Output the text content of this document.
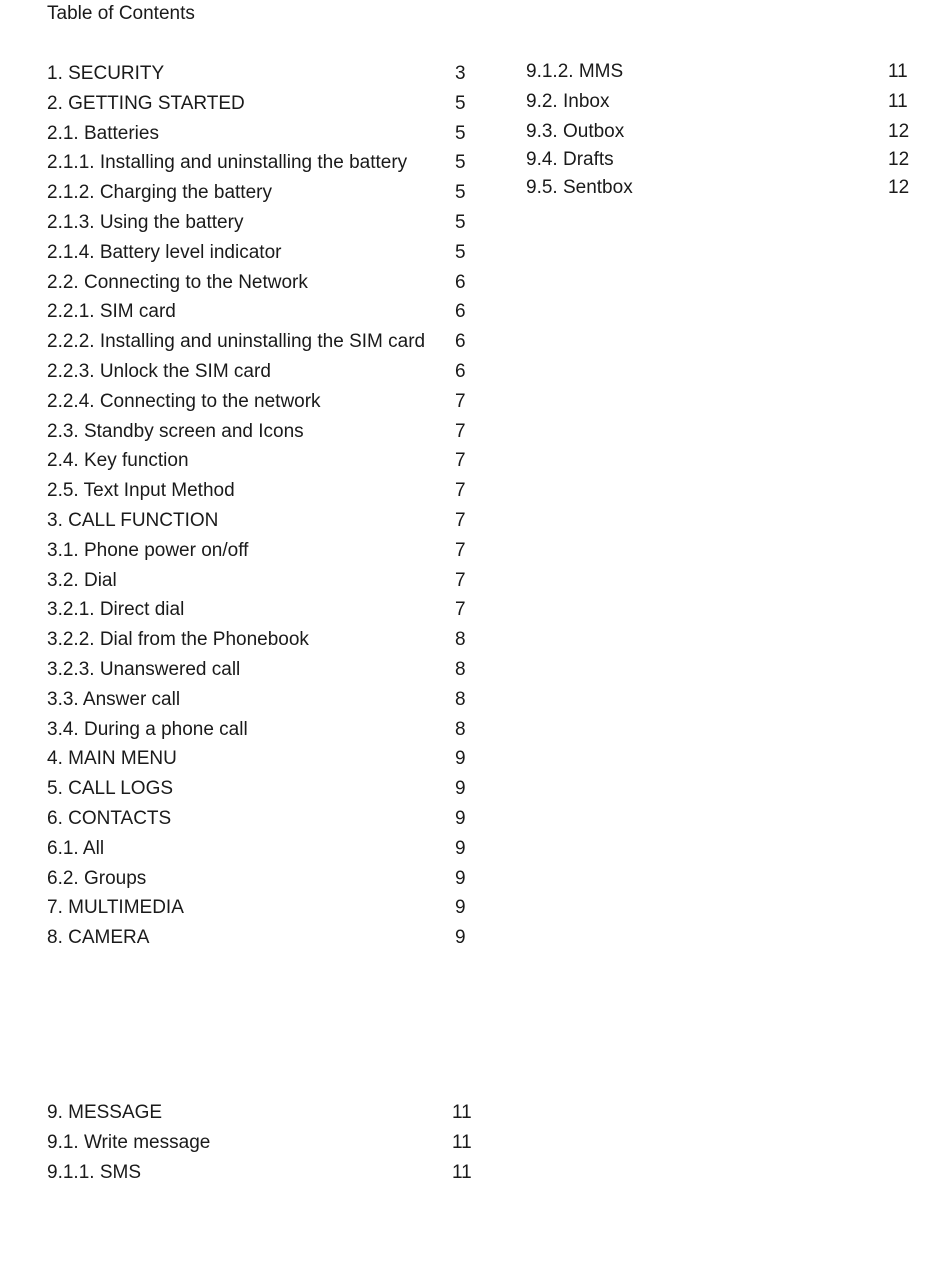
Table of Contents
1. SECURITY	3
2. GETTING STARTED	5
2.1. Batteries	5
2.1.1. Installing and uninstalling the battery	5
2.1.2. Charging the battery	5
2.1.3. Using the battery	5
2.1.4. Battery level indicator	5
2.2. Connecting to the Network	6
2.2.1. SIM card	6
2.2.2. Installing and uninstalling the SIM card 6
2.2.3. Unlock the SIM card	6
2.2.4. Connecting to the network	7
2.3. Standby screen and Icons	7
2.4. Key function	7
2.5. Text Input Method	7
3. CALL FUNCTION	7
3.1. Phone power on/off	7
3.2. Dial	7
3.2.1. Direct dial	7
3.2.2. Dial from the Phonebook	8
3.2.3. Unanswered call	8
3.3. Answer call	8
3.4. During a phone call	8
4. MAIN MENU	9
5. CALL LOGS	9
6. CONTACTS	9
6.1. All	9
6.2. Groups	9
7. MULTIMEDIA	9
8. CAMERA	9
9. MESSAGE	11
9.1. Write message	11
9.1.1. SMS	11
9.1.2. MMS	11
9.2. Inbox	11
9.3. Outbox	12
9.4. Drafts	12
9.5. Sentbox	12
